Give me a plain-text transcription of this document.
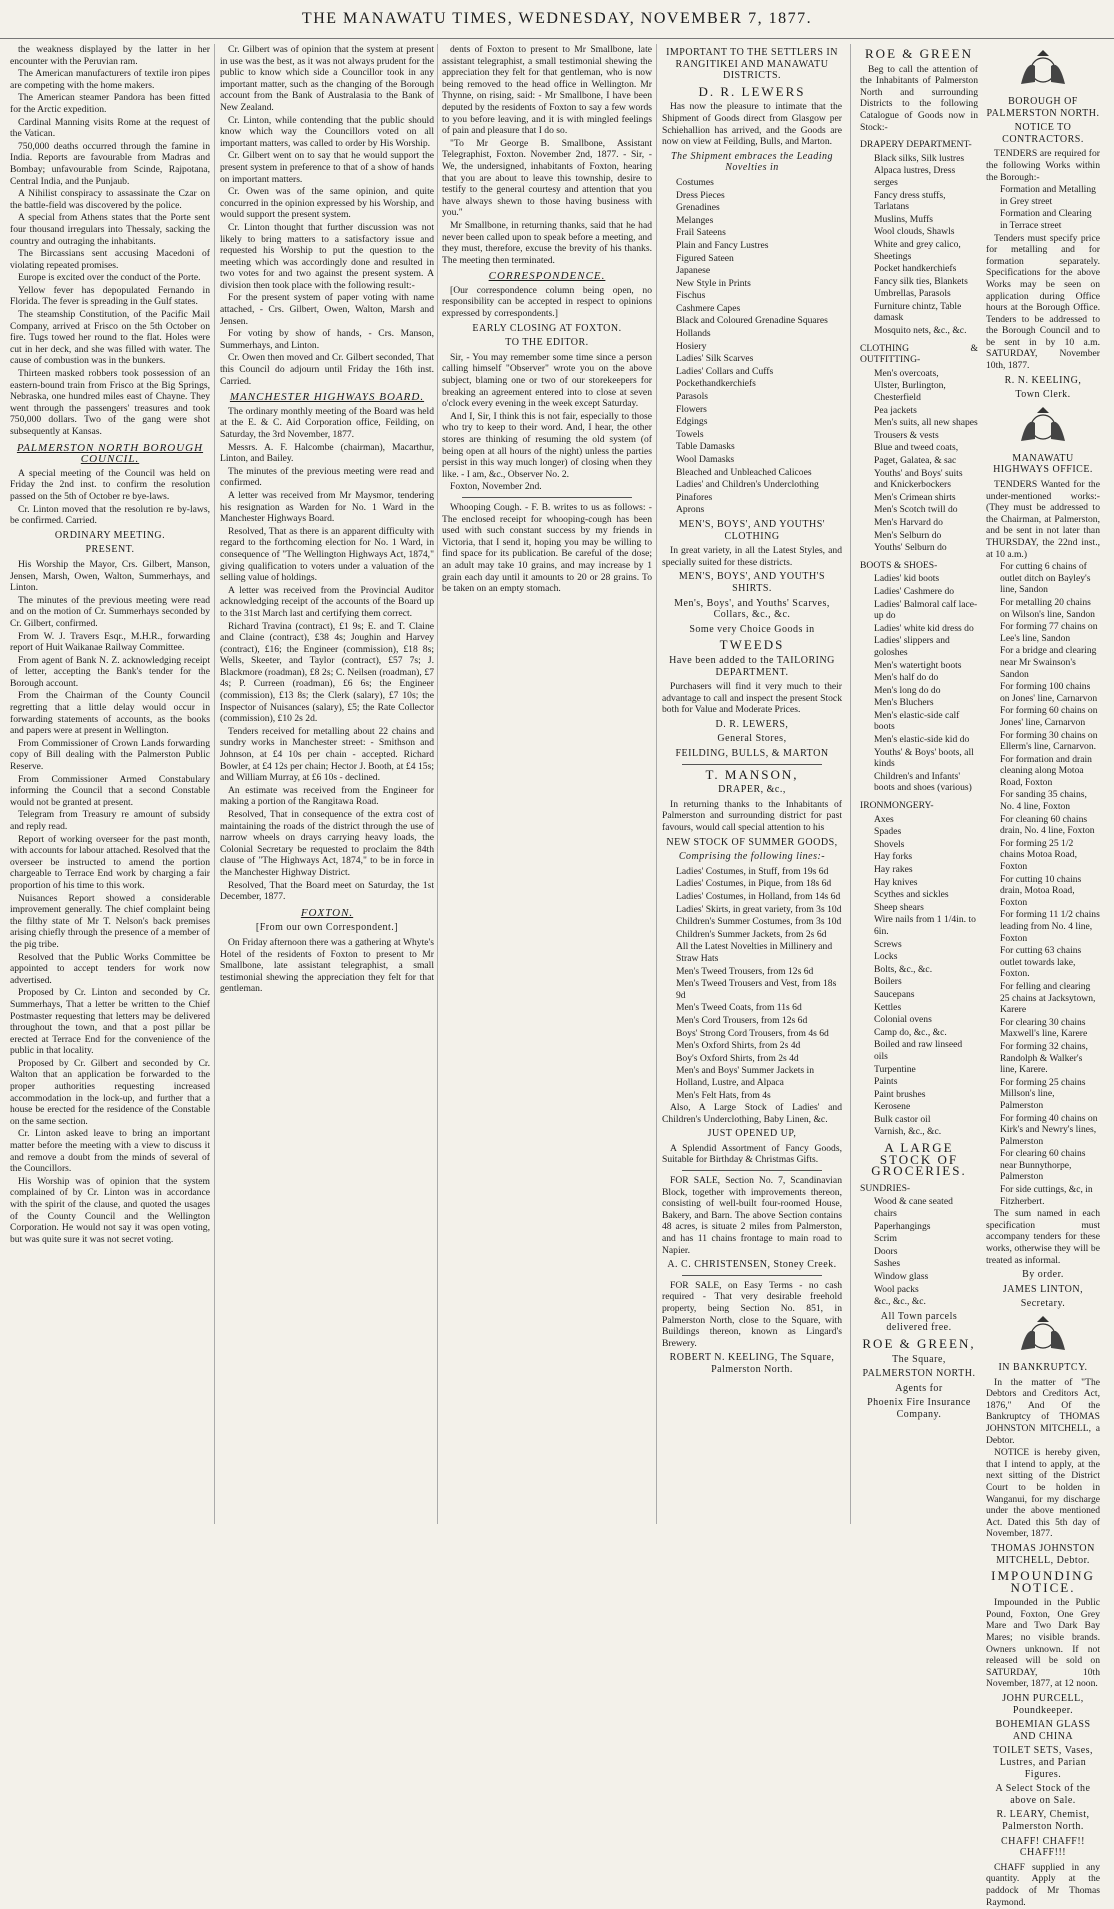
THE MANAWATU TIMES, WEDNESDAY, NOVEMBER 7, 1877.

the weakness displayed by the latter in her encounter with the Peruvian ram.

The American manufacturers of textile iron pipes are competing with the home makers.

The American steamer Pandora has been fitted for the Arctic expedition.

Cardinal Manning visits Rome at the request of the Vatican.

750,000 deaths occurred through the famine in India. Reports are favourable from Madras and Bombay; unfavourable from Scinde, Rajpotana, Central India, and the Punjaub.

A Nihilist conspiracy to assassinate the Czar on the battle-field was discovered by the police.

A special from Athens states that the Porte sent four thousand irregulars into Thessaly, sacking the country and outraging the inhabitants.

The Bircassians sent accusing Macedoni of violating repeated promises.

Europe is excited over the conduct of the Porte.

Yellow fever has depopulated Fernando in Florida. The fever is spreading in the Gulf states.

The steamship Constitution, of the Pacific Mail Company, arrived at Frisco on the 5th October on fire. Tugs towed her round to the flat. Holes were cut in her deck, and she was filled with water. The cause of combustion was in the bunkers.

Thirteen masked robbers took possession of an eastern-bound train from Frisco at the Big Springs, Nebraska, one hundred miles east of Chayne. They went through the passengers' treasures and took 750,000 dollars. Two of the gang were shot subsequently at Kansas.

PALMERSTON NORTH BOROUGH COUNCIL.

A special meeting of the Council was held on Friday the 2nd inst. to confirm the resolution passed on the 5th of October re bye-laws.

Cr. Linton moved that the resolution re by-laws, be confirmed. Carried.

ORDINARY MEETING.
PRESENT.

His Worship the Mayor, Crs. Gilbert, Manson, Jensen, Marsh, Owen, Walton, Summerhays, and Linton.

The minutes of the previous meeting were read and on the motion of Cr. Summerhays seconded by Cr. Gilbert, confirmed.

From W. J. Travers Esqr., M.H.R., forwarding report of Huit Waikanae Railway Committee.

From agent of Bank N. Z. acknowledging receipt of letter, accepting the Bank's tender for the Borough account.

From the Chairman of the County Council regretting that a little delay would occur in forwarding statements of accounts, as the books and papers were at present in Wellington.

From Commissioner of Crown Lands forwarding copy of Bill dealing with the Palmerston Public Reserve.

From Commissioner Armed Constabulary informing the Council that a second Constable would not be granted at present.

Telegram from Treasury re amount of subsidy and reply read.

Report of working overseer for the past month, with accounts for labour attached. Resolved that the overseer be instructed to amend the portion chargeable to Terrace End work by charging a fair proportion of his time to this work.

Nuisances Report showed a considerable improvement generally. The chief complaint being the filthy state of Mr T. Nelson's back premises arising chiefly through the presence of a member of the pig tribe.

Resolved that the Public Works Committee be appointed to accept tenders for work now advertised.

Proposed by Cr. Linton and seconded by Cr. Summerhays, That a letter be written to the Chief Postmaster requesting that letters may be delivered throughout the town, and that a post pillar be erected at Terrace End for the convenience of the public in that locality.

Proposed by Cr. Gilbert and seconded by Cr. Walton that an application be forwarded to the proper authorities requesting increased accommodation in the lock-up, and further that a house be erected for the residence of the Constable on the same section.

Cr. Linton asked leave to bring an important matter before the meeting with a view to discuss it and remove a doubt from the minds of several of the Councillors.

His Worship was of opinion that the system complained of by Cr. Linton was in accordance with the spirit of the clause, and quoted the usages of the County Council and the Wellington Corporation. He would not say it was open voting, but was quite sure it was not secret voting.

Cr. Gilbert was of opinion that the system at present in use was the best, as it was not always prudent for the public to know which side a Councillor took in any important matter, such as the changing of the Borough account from the Bank of Australasia to the Bank of New Zealand.

Cr. Linton, while contending that the public should know which way the Councillors voted on all important matters, was called to order by His Worship.

Cr. Gilbert went on to say that he would support the present system in preference to that of a show of hands on important matters.

Cr. Owen was of the same opinion, and quite concurred in the opinion expressed by his Worship, and would support the present system.

Cr. Linton thought that further discussion was not likely to bring matters to a satisfactory issue and requested his Worship to put the question to the meeting which was accordingly done and resulted in two votes for and two against the present system. A division then took place with the following result:-

For the present system of paper voting with name attached, - Crs. Gilbert, Owen, Walton, Marsh and Jensen.

For voting by show of hands, - Crs. Manson, Summerhays, and Linton.

Cr. Owen then moved and Cr. Gilbert seconded, That this Council do adjourn until Friday the 16th inst. Carried.

MANCHESTER HIGHWAYS BOARD.

The ordinary monthly meeting of the Board was held at the E. & C. Aid Corporation office, Feilding, on Saturday, the 3rd November, 1877.

Messrs. A. F. Halcombe (chairman), Macarthur, Linton, and Bailey.

The minutes of the previous meeting were read and confirmed.

A letter was received from Mr Maysmor, tendering his resignation as Warden for No. 1 Ward in the Manchester Highways Board.

Resolved, That as there is an apparent difficulty with regard to the forthcoming election for No. 1 Ward, in consequence of "The Wellington Highways Act, 1874," giving qualification to voters under a valuation of the selling value of holdings.

A letter was received from the Provincial Auditor acknowledging receipt of the accounts of the Board up to the 31st March last and certifying them correct.

Richard Travina (contract), £1 9s; E. and T. Claine and Claine (contract), £38 4s; Joughin and Harvey (contract), £16; the Engineer (commission), £18 8s; Wells, Skeeter, and Taylor (contract), £57 7s; J. Blackmore (roadman), £8 2s; C. Neilsen (roadman), £7 4s; P. Curreen (roadman), £6 6s; the Engineer (commission), £13 8s; the Clerk (salary), £7 10s; the Inspector of Nuisances (salary), £5; the Rate Collector (commission), £10 2s 2d.

Tenders received for metalling about 22 chains and sundry works in Manchester street: - Smithson and Johnson, at £4 10s per chain - accepted. Richard Bowler, at £4 12s per chain; Hector J. Booth, at £4 15s; and William Murray, at £6 10s - declined.

An estimate was received from the Engineer for making a portion of the Rangitawa Road.

Resolved, That in consequence of the extra cost of maintaining the roads of the district through the use of narrow wheels on drays carrying heavy loads, the Colonial Secretary be requested to proclaim the 84th clause of "The Highways Act, 1874," to be in force in the Manchester Highway District.

Resolved, That the Board meet on Saturday, the 1st December, 1877.

FOXTON.
[From our own Correspondent.]

On Friday afternoon there was a gathering at Whyte's Hotel of the residents of Foxton to present to Mr Smallbone, late assistant telegraphist, a small testimonial shewing the appreciation they felt for that gentleman.

dents of Foxton to present to Mr Smallbone, late assistant telegraphist, a small testimonial shewing the appreciation they felt for that gentleman, who is now being removed to the head office in Wellington. Mr Thynne, on rising, said: - Mr Smallbone, I have been deputed by the residents of Foxton to say a few words to you before leaving, and it is with mingled feelings of pain and pleasure that I do so.

"To Mr George B. Smallbone, Assistant Telegraphist, Foxton. November 2nd, 1877. - Sir, - We, the undersigned, inhabitants of Foxton, hearing that you are about to leave this township, desire to testify to the general courtesy and attention that you have always shewn to those having business with you."

Mr Smallbone, in returning thanks, said that he had never been called upon to speak before a meeting, and they must, therefore, excuse the brevity of his thanks. The meeting then terminated.

CORRESPONDENCE.

[Our correspondence column being open, no responsibility can be accepted in respect to opinions expressed by correspondents.]

EARLY CLOSING AT FOXTON.
TO THE EDITOR.

Sir, - You may remember some time since a person calling himself "Observer" wrote you on the above subject, blaming one or two of our storekeepers for breaking an agreement entered into to close at seven o'clock every evening in the week except Saturday.

And I, Sir, I think this is not fair, especially to those who try to keep to their word. And, I hear, the other stores are thinking of resuming the old system (of being open at all hours of the night) unless the parties persist in this way much longer) of closing when they like. - I am, &c., Observer No. 2.

Foxton, November 2nd.

Whooping Cough. - F. B. writes to us as follows: - The enclosed receipt for whooping-cough has been used with such constant success by my friends in Victoria, that I send it, hoping you may be willing to find space for its publication. Be careful of the dose; an adult may take 10 grains, and may increase by 1 grain each day until it amounts to 20 or 28 grains. To be taken on an empty stomach.

IMPORTANT TO THE SETTLERS IN RANGITIKEI AND MANAWATU DISTRICTS.
D. R. LEWERS

Has now the pleasure to intimate that the Shipment of Goods direct from Glasgow per Schiehallion has arrived, and the Goods are now on view at Feilding, Bulls, and Marton.

The Shipment embraces the Leading Novelties in

Costumes

Dress Pieces

Grenadines

Melanges

Frail Sateens

Plain and Fancy Lustres

Figured Sateen

Japanese

New Style in Prints

Fischus

Cashmere Capes

Black and Coloured Grenadine Squares

Hollands

Hosiery

Ladies' Silk Scarves

Ladies' Collars and Cuffs

Pockethandkerchiefs

Parasols

Flowers

Edgings

Towels

Table Damasks

Wool Damasks

Bleached and Unbleached Calicoes

Ladies' and Children's Underclothing

Pinafores

Aprons

MEN'S, BOYS', AND YOUTHS' CLOTHING

In great variety, in all the Latest Styles, and specially suited for these districts.

MEN'S, BOYS', AND YOUTH'S SHIRTS.
Men's, Boys', and Youths' Scarves, Collars, &c., &c.
Some very Choice Goods in
TWEEDS
Have been added to the TAILORING DEPARTMENT.

Purchasers will find it very much to their advantage to call and inspect the present Stock both for Value and Moderate Prices.

D. R. LEWERS,
General Stores,
FEILDING, BULLS, & MARTON
T. MANSON,
DRAPER, &c.,

In returning thanks to the Inhabitants of Palmerston and surrounding district for past favours, would call special attention to his

NEW STOCK OF SUMMER GOODS,
Comprising the following lines:-

Ladies' Costumes, in Stuff, from 19s 6d

Ladies' Costumes, in Pique, from 18s 6d

Ladies' Costumes, in Holland, from 14s 6d

Ladies' Skirts, in great variety, from 3s 10d

Children's Summer Costumes, from 3s 10d

Children's Summer Jackets, from 2s 6d

All the Latest Novelties in Millinery and Straw Hats

Men's Tweed Trousers, from 12s 6d

Men's Tweed Trousers and Vest, from 18s 9d

Men's Tweed Coats, from 11s 6d

Men's Cord Trousers, from 12s 6d

Boys' Strong Cord Trousers, from 4s 6d

Men's Oxford Shirts, from 2s 4d

Boy's Oxford Shirts, from 2s 4d

Men's and Boys' Summer Jackets in Holland, Lustre, and Alpaca

Men's Felt Hats, from 4s

Also, A Large Stock of Ladies' and Children's Underclothing, Baby Linen, &c.

JUST OPENED UP,

A Splendid Assortment of Fancy Goods, Suitable for Birthday & Christmas Gifts.

FOR SALE, Section No. 7, Scandinavian Block, together with improvements thereon, consisting of well-built four-roomed House, Bakery, and Barn. The above Section contains 48 acres, is situate 2 miles from Palmerston, and has 11 chains frontage to main road to Napier.

A. C. CHRISTENSEN, Stoney Creek.

FOR SALE, on Easy Terms - no cash required - That very desirable freehold property, being Section No. 851, in Palmerston North, close to the Square, with Buildings thereon, known as Lingard's Brewery.

ROBERT N. KEELING, The Square, Palmerston North.
ROE & GREEN

Beg to call the attention of the Inhabitants of Palmerston North and surrounding Districts to the following Catalogue of Goods now in Stock:-

DRAPERY DEPARTMENT-

Black silks, Silk lustres

Alpaca lustres, Dress serges

Fancy dress stuffs, Tarlatans

Muslins, Muffs

Wool clouds, Shawls

White and grey calico, Sheetings

Pocket handkerchiefs

Fancy silk ties, Blankets

Umbrellas, Parasols

Furniture chintz, Table damask

Mosquito nets, &c., &c.

CLOTHING & OUTFITTING-

Men's overcoats,

Ulster, Burlington, Chesterfield

Pea jackets

Men's suits, all new shapes

Trousers & vests

Blue and tweed coats,

Paget, Galatea, & sac

Youths' and Boys' suits and Knickerbockers

Men's Crimean shirts

Men's Scotch twill do

Men's Harvard do

Men's Selburn do

Youths' Selburn do

BOOTS & SHOES-

Ladies' kid boots

Ladies' Cashmere do

Ladies' Balmoral calf lace-up do

Ladies' white kid dress do

Ladies' slippers and goloshes

Men's watertight boots

Men's half do do

Men's long do do

Men's Bluchers

Men's elastic-side calf boots

Men's elastic-side kid do

Youths' & Boys' boots, all kinds

Children's and Infants' boots and shoes (various)

IRONMONGERY-

Axes

Spades

Shovels

Hay forks

Hay rakes

Hay knives

Scythes and sickles

Sheep shears

Wire nails from 1 1/4in. to 6in.

Screws

Locks

Bolts, &c., &c.

Boilers

Saucepans

Kettles

Colonial ovens

Camp do, &c., &c.

Boiled and raw linseed oils

Turpentine

Paints

Paint brushes

Kerosene

Bulk castor oil

Varnish, &c., &c.

A LARGE STOCK OF GROCERIES.
SUNDRIES-

Wood & cane seated chairs

Paperhangings

Scrim

Doors

Sashes

Window glass

Wool packs

&c., &c., &c.

All Town parcels delivered free.
ROE & GREEN,
The Square,
PALMERSTON NORTH.
Agents for
Phoenix Fire Insurance Company.
BOROUGH OF PALMERSTON NORTH.
NOTICE TO CONTRACTORS.

TENDERS are required for the following Works within the Borough:-

Formation and Metalling in Grey street

Formation and Clearing in Terrace street

Tenders must specify price for metalling and for formation separately. Specifications for the above Works may be seen on application during Office hours at the Borough Office. Tenders to be addressed to the Borough Council and to be sent in by 10 a.m. SATURDAY, November 10th, 1877.

R. N. KEELING,
Town Clerk.
MANAWATU HIGHWAYS OFFICE.

TENDERS Wanted for the under-mentioned works:- (They must be addressed to the Chairman, at Palmerston, and be sent in not later than THURSDAY, the 22nd inst., at 10 a.m.)

For cutting 6 chains of outlet ditch on Bayley's line, Sandon

For metalling 20 chains on Wilson's line, Sandon

For forming 77 chains on Lee's line, Sandon

For a bridge and clearing near Mr Swainson's Sandon

For forming 100 chains on Jones' line, Carnarvon

For forming 60 chains on Jones' line, Carnarvon

For forming 30 chains on Ellerm's line, Carnarvon.

For formation and drain cleaning along Motoa Road, Foxton

For sanding 35 chains, No. 4 line, Foxton

For cleaning 60 chains drain, No. 4 line, Foxton

For forming 25 1/2 chains Motoa Road, Foxton

For cutting 10 chains drain, Motoa Road, Foxton

For forming 11 1/2 chains leading from No. 4 line, Foxton

For cutting 63 chains outlet towards lake, Foxton.

For felling and clearing 25 chains at Jacksytown, Karere

For clearing 30 chains Maxwell's line, Karere

For forming 32 chains, Randolph & Walker's line, Karere.

For forming 25 chains Millson's line, Palmerston

For forming 40 chains on Kirk's and Newry's lines, Palmerston

For clearing 60 chains near Bunnythorpe, Palmerston

For side cuttings, &c, in Fitzherbert.

The sum named in each specification must accompany tenders for these works, otherwise they will be treated as informal.

By order.
JAMES LINTON,
Secretary.
IN BANKRUPTCY.

In the matter of "The Debtors and Creditors Act, 1876," And Of the Bankruptcy of THOMAS JOHNSTON MITCHELL, a Debtor.

NOTICE is hereby given, that I intend to apply, at the next sitting of the District Court to be holden in Wanganui, for my discharge under the above mentioned Act. Dated this 5th day of November, 1877.

THOMAS JOHNSTON MITCHELL, Debtor.
IMPOUNDING NOTICE.

Impounded in the Public Pound, Foxton, One Grey Mare and Two Dark Bay Mares; no visible brands. Owners unknown. If not released will be sold on SATURDAY, 10th November, 1877, at 12 noon.

JOHN PURCELL, Poundkeeper.
BOHEMIAN GLASS AND CHINA
TOILET SETS, Vases, Lustres, and Parian Figures.
A Select Stock of the above on Sale.
R. LEARY, Chemist, Palmerston North.
CHAFF! CHAFF!! CHAFF!!!

CHAFF supplied in any quantity. Apply at the paddock of Mr Thomas Raymond.
